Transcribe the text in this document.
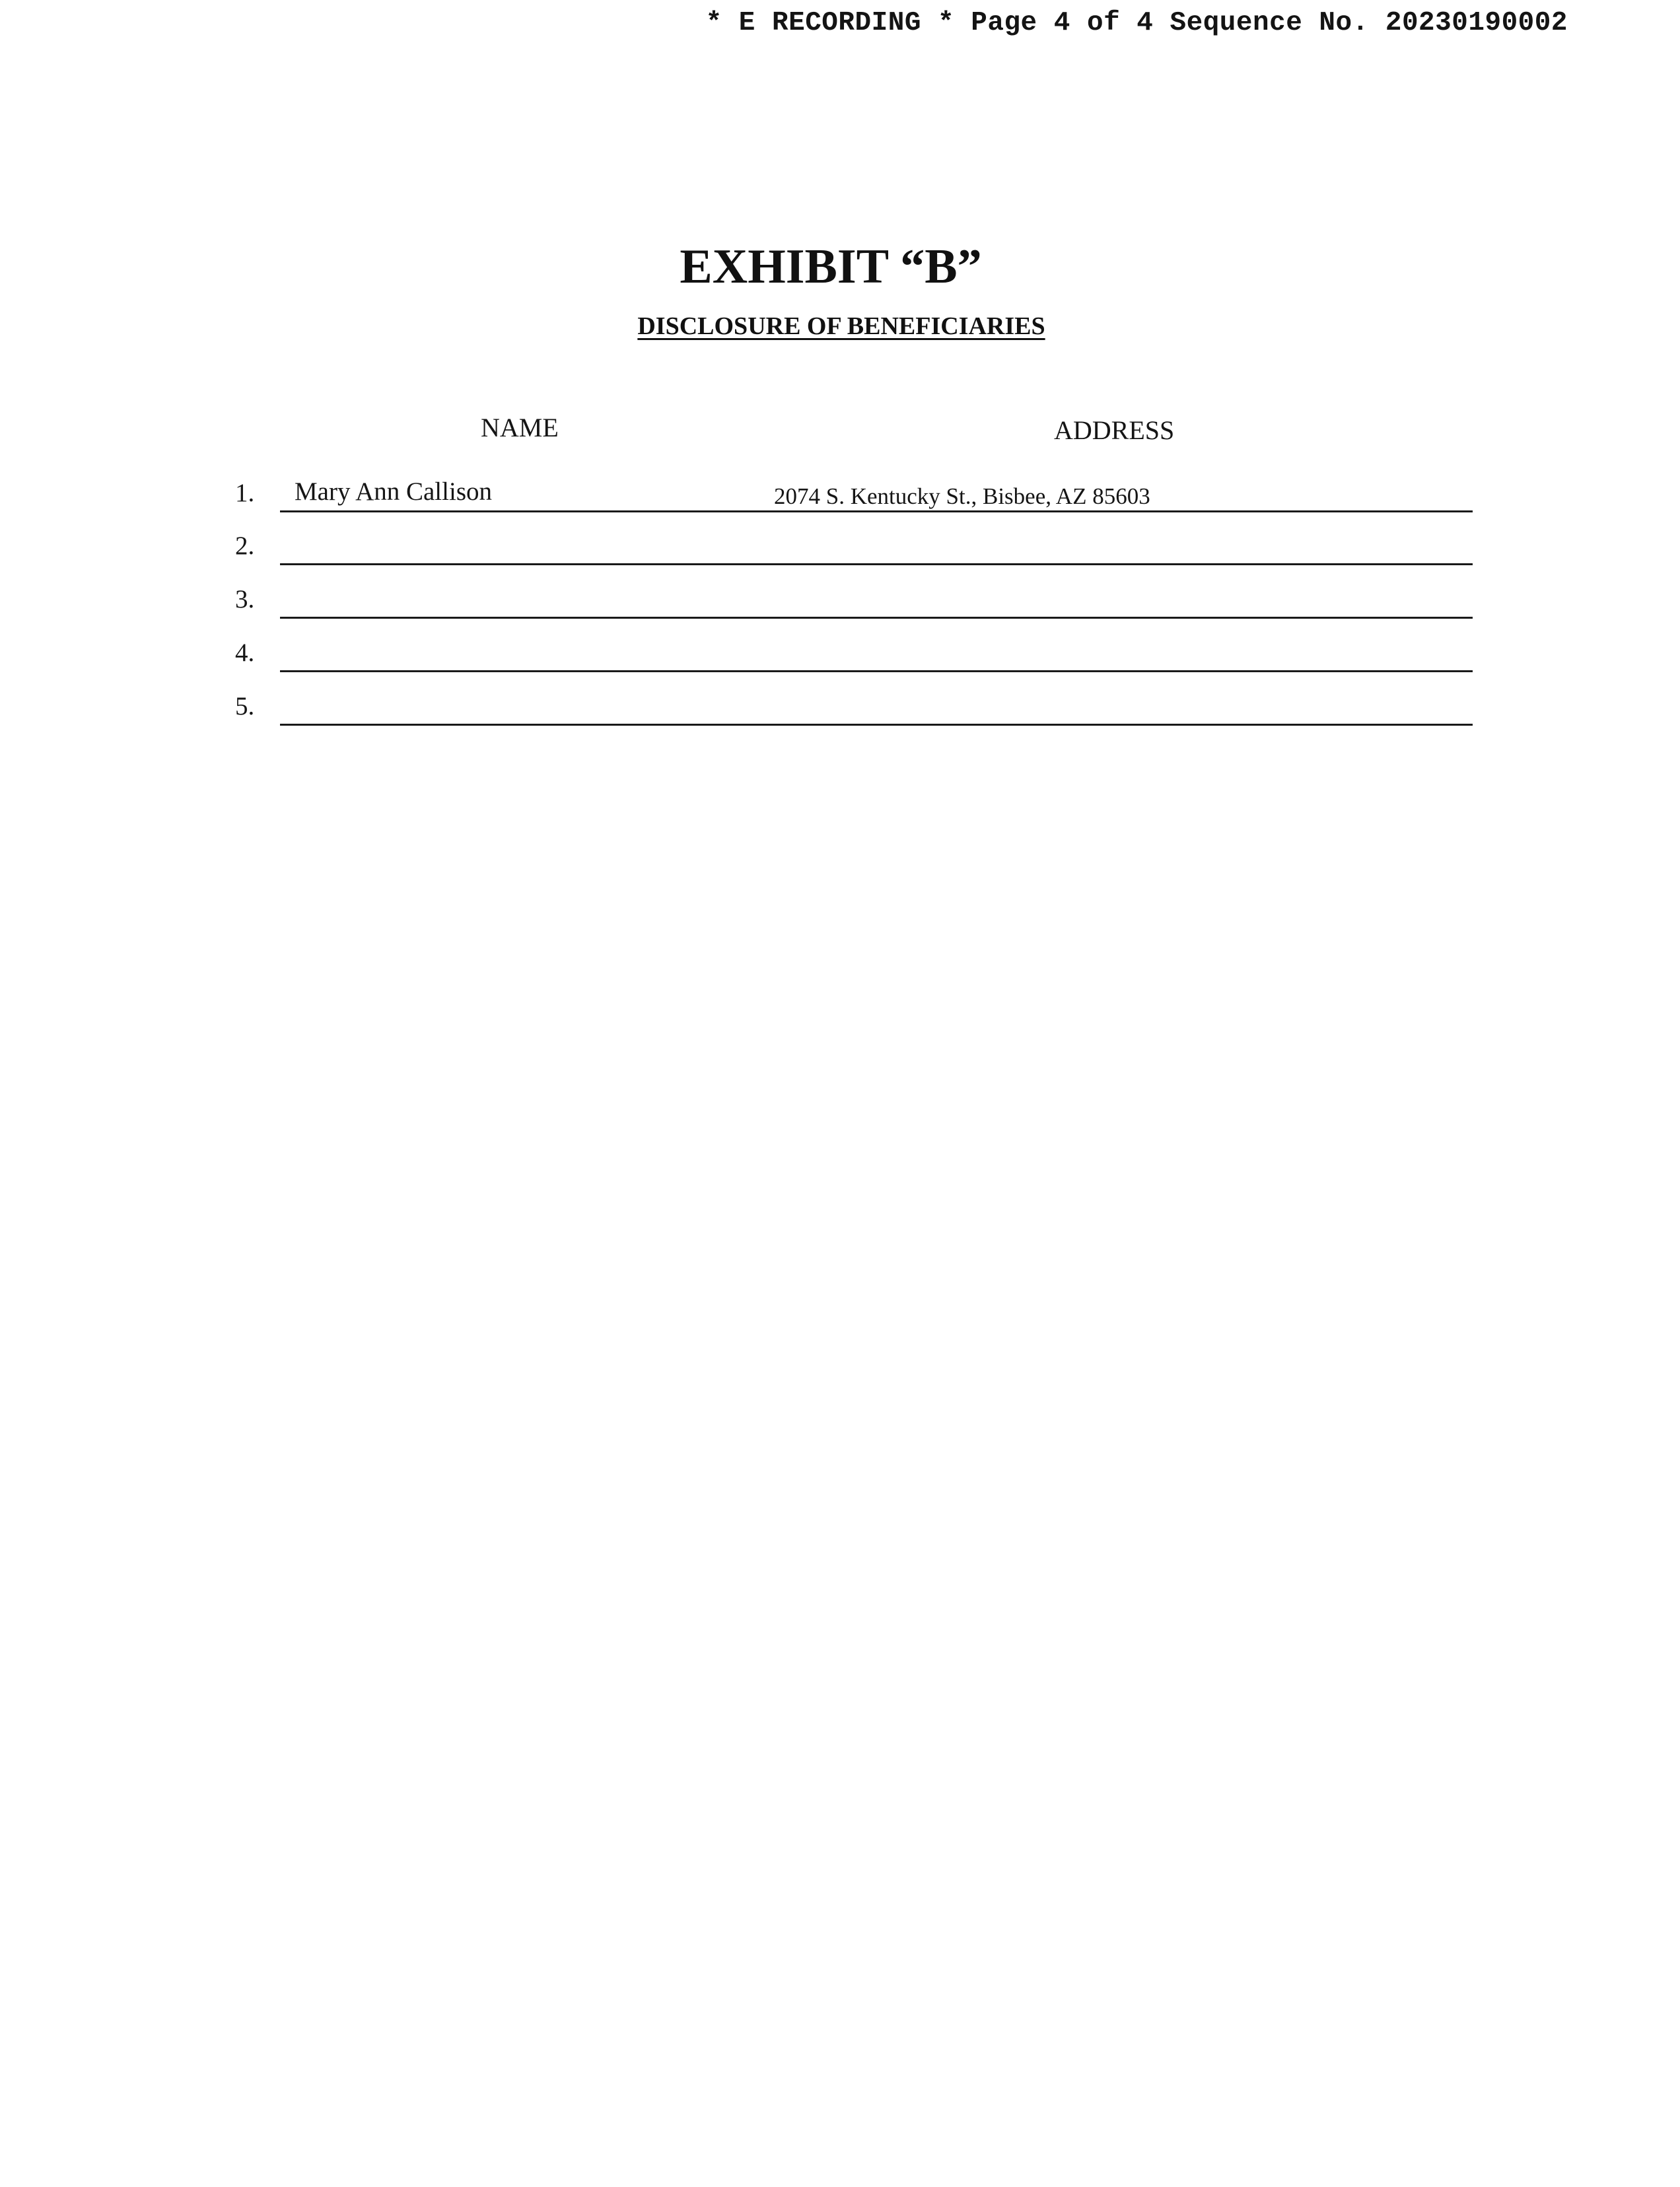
* E RECORDING * Page 4 of 4 Sequence No. 20230190002
EXHIBIT “B”
DISCLOSURE OF BENEFICIARIES
NAME	ADDRESS
1. Mary Ann Callison	2074 S. Kentucky St., Bisbee, AZ 85603
2.
3.
4.
5.
